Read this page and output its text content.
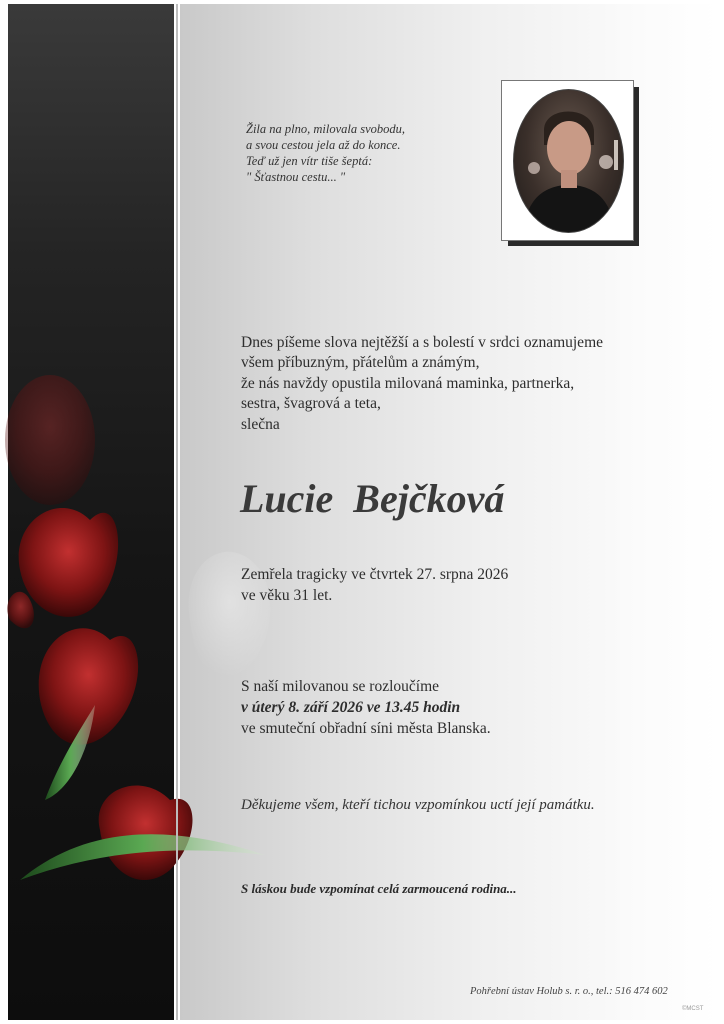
Žila na plno, milovala svobodu,
a svou cestou jela až do konce.
Teď už jen vítr tiše šeptá:
" Šťastnou cestu... "
Dnes píšeme slova nejtěžší a s bolestí v srdci oznamujeme
všem příbuzným, přátelům a známým,
že nás navždy opustila milovaná maminka, partnerka,
sestra, švagrová a teta,
slečna
Lucie  Bejčková
Zemřela tragicky ve čtvrtek 27. srpna 2026
ve věku 31 let.
S naší milovanou se rozloučíme
v úterý 8. září 2026 ve 13.45 hodin
ve smuteční obřadní síni města Blanska.
Děkujeme všem, kteří tichou vzpomínkou uctí její památku.
S láskou bude vzpomínat celá zarmoucená rodina...
Pohřební ústav Holub s. r. o., tel.: 516 474 602
©MCST
